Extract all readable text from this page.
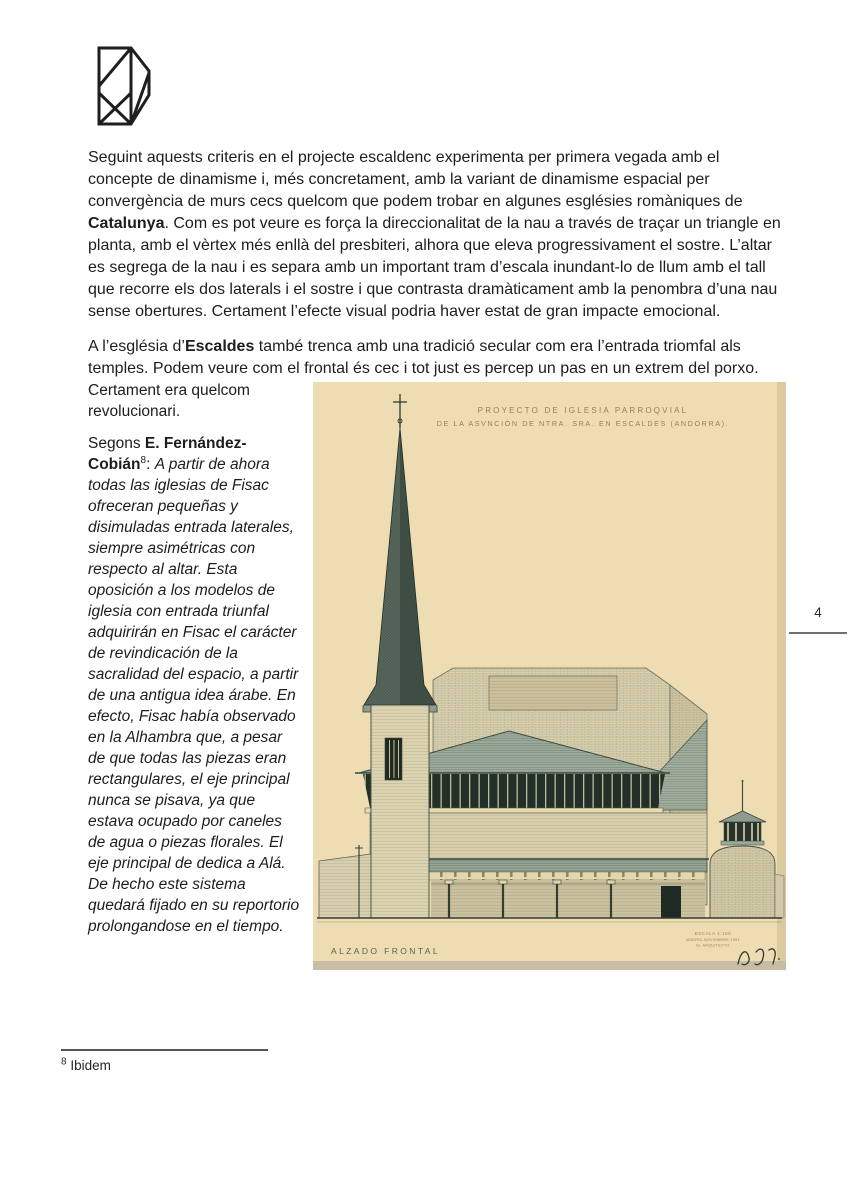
Seguint aquests criteris en el projecte escaldenc experimenta per primera vegada amb el concepte de dinamisme i, més concretament, amb la variant de dinamisme espacial per convergència de murs cecs quelcom que podem trobar en algunes esglésies romàniques de Catalunya. Com es pot veure es força la direccionalitat de la nau a través de traçar un triangle en planta, amb el vèrtex més enllà del presbiteri, alhora que eleva progressivament el sostre. L’altar es segrega de la nau i es separa amb un important tram d’escala inundant-lo de llum amb el tall que recorre els dos laterals i el sostre i que contrasta dramàticament amb la penombra d’una nau sense obertures. Certament l’efecte visual podria haver estat de gran impacte emocional.

A l’església d’Escaldes també trenca amb una tradició secular com era l’entrada triomfal als temples. Podem veure com el frontal és cec i tot just es percep un pas en un extrem del porxo.

Certament era quelcom revolucionari.

Segons E. Fernández-Cobián$^8$: A partir de ahora todas las iglesias de Fisac ofreceran pequeñas y disimuladas entrada laterales, siempre asimétricas con respecto al altar. Esta oposición a los modelos de iglesia con entrada triunfal adquirirán en Fisac el carácter de revindicación de la sacralidad del espacio, a partir de una antigua idea árabe. En efecto, Fisac había observado en la Alhambra que, a pesar de que todas las piezas eran rectangulares, el eje principal nunca se pisava, ya que estava ocupado por caneles de agua o piezas florales. El eje principal de dedica a Alá. De hecho este sistema quedará fijado en su reportorio prolongandose en el tiempo.

PROYECTO DE IGLESIA PARROQVIAL
DE LA ASVNCIÓN DE NTRA. SRA. EN ESCALDES (ANDORRA).
ALZADO FRONTAL
ESCALA 1:100
MADRID-NOVIEMBRE-1951
EL ARQUITECTO
4
$^8$ Ibidem
